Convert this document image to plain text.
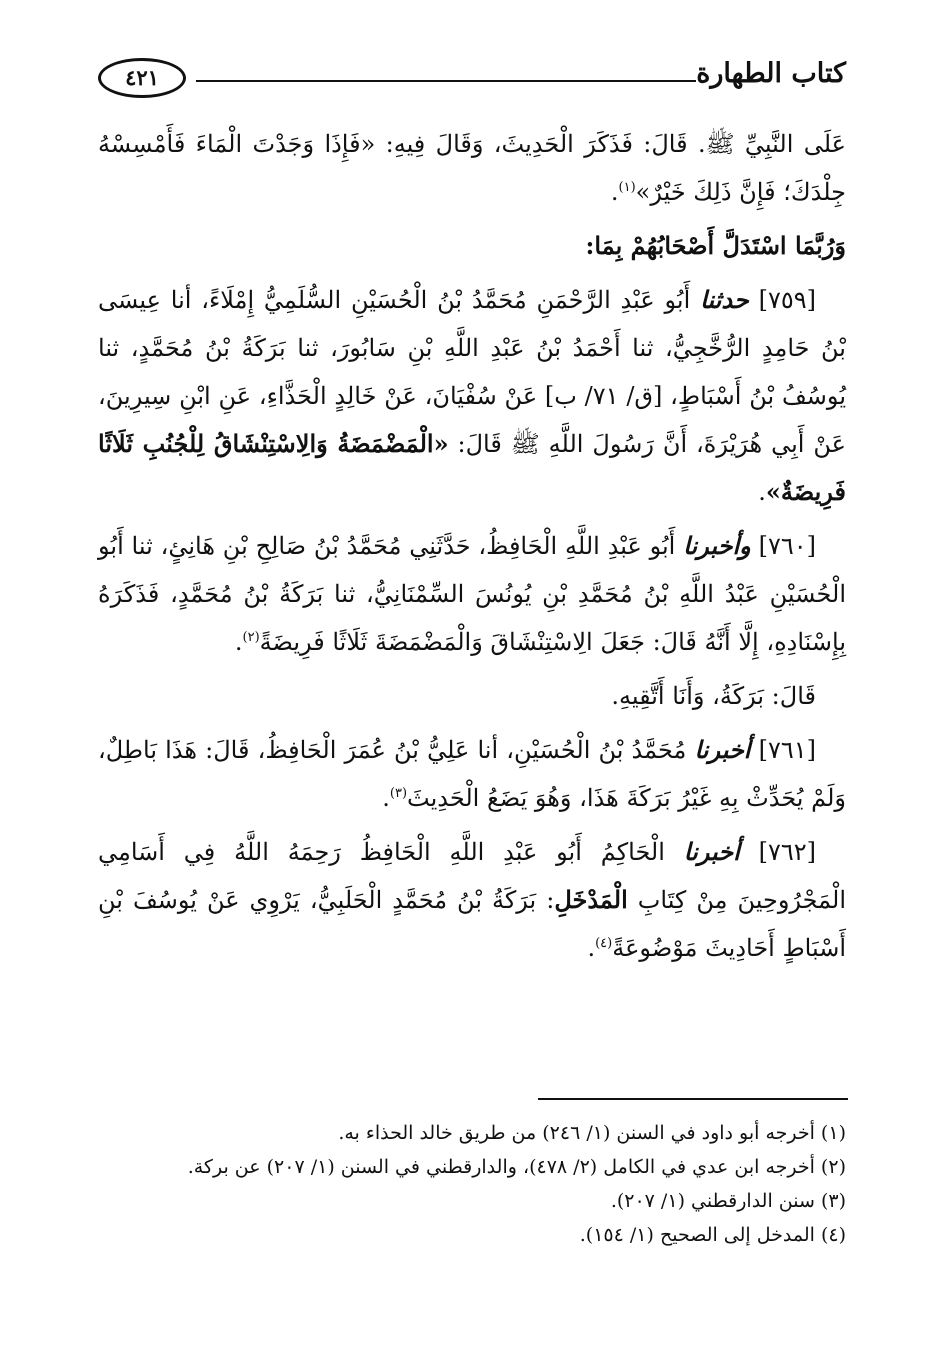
كتاب الطهارة
٤٢١

عَلَى النَّبِيِّ ﷺ. قَالَ: فَذَكَرَ الْحَدِيثَ، وَقَالَ فِيهِ: «فَإِذَا وَجَدْتَ الْمَاءَ فَأَمْسِسْهُ جِلْدَكَ؛ فَإِنَّ ذَلِكَ خَيْرٌ»$^{(١)}$.

وَرُبَّمَا اسْتَدَلَّ أَصْحَابُهُمْ بِمَا:

[٧٥٩] حدثنا أَبُو عَبْدِ الرَّحْمَنِ مُحَمَّدُ بْنُ الْحُسَيْنِ السُّلَمِيُّ إِمْلَاءً، أنا عِيسَى بْنُ حَامِدٍ الرُّخَّجِيُّ، ثنا أَحْمَدُ بْنُ عَبْدِ اللَّهِ بْنِ سَابُورَ، ثنا بَرَكَةُ بْنُ مُحَمَّدٍ، ثنا يُوسُفُ بْنُ أَسْبَاطٍ، [ق/ ٧١/ ب] عَنْ سُفْيَانَ، عَنْ خَالِدٍ الْحَذَّاءِ، عَنِ ابْنِ سِيرِينَ، عَنْ أَبِي هُرَيْرَةَ، أَنَّ رَسُولَ اللَّهِ ﷺ قَالَ: «الْمَضْمَضَةُ وَالِاسْتِنْشَاقُ لِلْجُنُبِ ثَلَاثًا فَرِيضَةٌ».

[٧٦٠] وأخبرنا أَبُو عَبْدِ اللَّهِ الْحَافِظُ، حَدَّثَنِي مُحَمَّدُ بْنُ صَالِحِ بْنِ هَانِئٍ، ثنا أَبُو الْحُسَيْنِ عَبْدُ اللَّهِ بْنُ مُحَمَّدِ بْنِ يُونُسَ السِّمْنَانِيُّ، ثنا بَرَكَةُ بْنُ مُحَمَّدٍ، فَذَكَرَهُ بِإِسْنَادِهِ، إِلَّا أَنَّهُ قَالَ: جَعَلَ الِاسْتِنْشَاقَ وَالْمَضْمَضَةَ ثَلَاثًا فَرِيضَةً$^{(٢)}$.

قَالَ: بَرَكَةُ، وَأَنَا أَتَّقِيهِ.

[٧٦١] أخبرنا مُحَمَّدُ بْنُ الْحُسَيْنِ، أنا عَلِيُّ بْنُ عُمَرَ الْحَافِظُ، قَالَ: هَذَا بَاطِلٌ، وَلَمْ يُحَدِّثْ بِهِ غَيْرُ بَرَكَةَ هَذَا، وَهُوَ يَضَعُ الْحَدِيثَ$^{(٣)}$.

[٧٦٢] أخبرنا الْحَاكِمُ أَبُو عَبْدِ اللَّهِ الْحَافِظُ رَحِمَهُ اللَّهُ فِي أَسَامِي الْمَجْرُوحِينَ مِنْ كِتَابِ الْمَدْخَلِ: بَرَكَةُ بْنُ مُحَمَّدٍ الْحَلَبِيُّ، يَرْوِي عَنْ يُوسُفَ بْنِ أَسْبَاطٍ أَحَادِيثَ مَوْضُوعَةً$^{(٤)}$.

(١) أخرجه أبو داود في السنن (١/ ٢٤٦) من طريق خالد الحذاء به.

(٢) أخرجه ابن عدي في الكامل (٢/ ٤٧٨)، والدارقطني في السنن (١/ ٢٠٧) عن بركة.

(٣) سنن الدارقطني (١/ ٢٠٧).

(٤) المدخل إلى الصحيح (١/ ١٥٤).
